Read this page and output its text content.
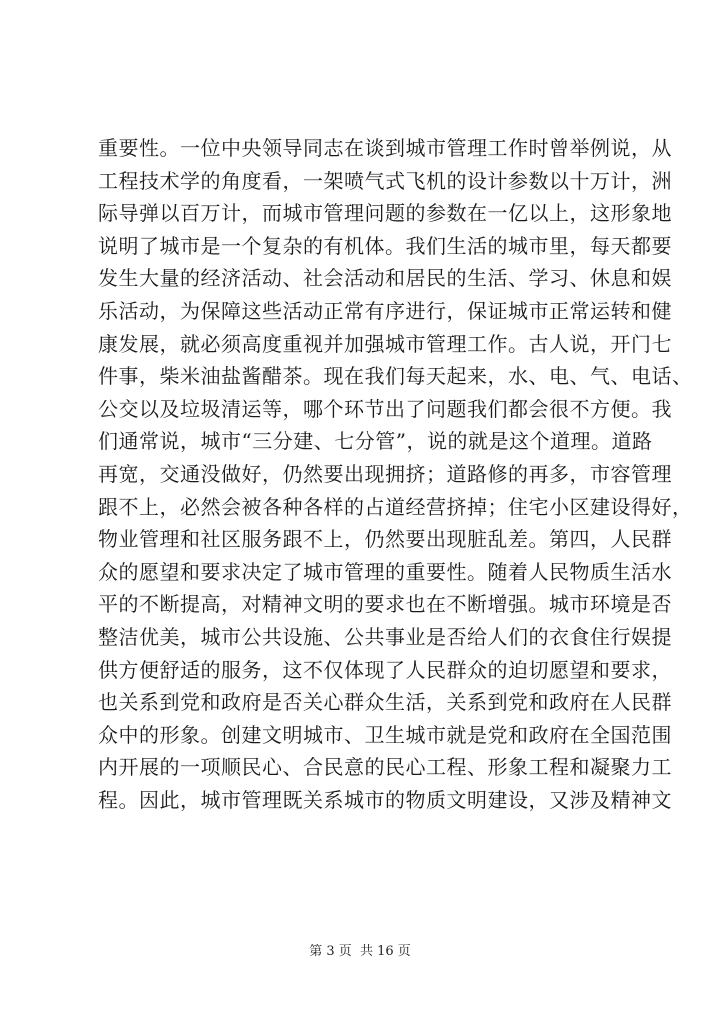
重要性。一位中央领导同志在谈到城市管理工作时曾举例说，从
工程技术学的角度看，一架喷气式飞机的设计参数以十万计，洲
际导弹以百万计，而城市管理问题的参数在一亿以上，这形象地
说明了城市是一个复杂的有机体。我们生活的城市里，每天都要
发生大量的经济活动、社会活动和居民的生活、学习、休息和娱
乐活动，为保障这些活动正常有序进行，保证城市正常运转和健
康发展，就必须高度重视并加强城市管理工作。古人说，开门七
件事，柴米油盐酱醋茶。现在我们每天起来，水、电、气、电话、
公交以及垃圾清运等，哪个环节出了问题我们都会很不方便。我
们通常说，城市“三分建、七分管”，说的就是这个道理。道路
再宽，交通没做好，仍然要出现拥挤；道路修的再多，市容管理
跟不上，必然会被各种各样的占道经营挤掉；住宅小区建设得好，
物业管理和社区服务跟不上，仍然要出现脏乱差。第四，人民群
众的愿望和要求决定了城市管理的重要性。随着人民物质生活水
平的不断提高，对精神文明的要求也在不断增强。城市环境是否
整洁优美，城市公共设施、公共事业是否给人们的衣食住行娱提
供方便舒适的服务，这不仅体现了人民群众的迫切愿望和要求，
也关系到党和政府是否关心群众生活，关系到党和政府在人民群
众中的形象。创建文明城市、卫生城市就是党和政府在全国范围
内开展的一项顺民心、合民意的民心工程、形象工程和凝聚力工
程。因此，城市管理既关系城市的物质文明建设，又涉及精神文
第 3 页 共 16 页
